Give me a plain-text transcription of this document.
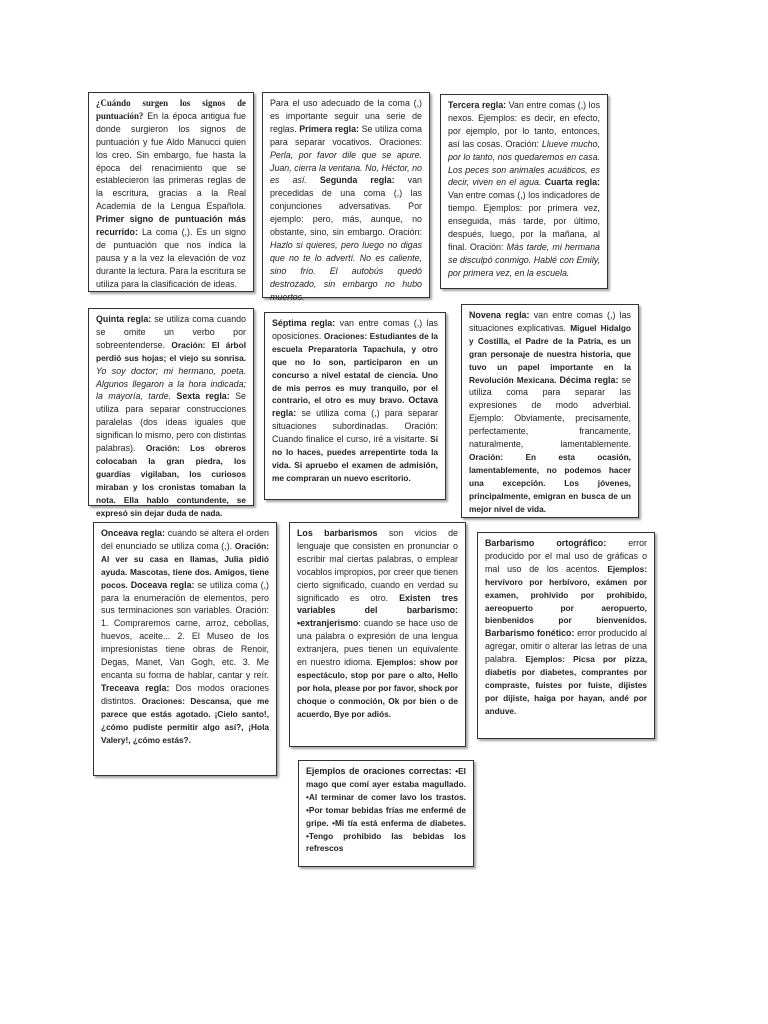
¿Cuándo surgen los signos de puntuación? En la época antigua fue donde surgieron los signos de puntuación y fue Aldo Manucci quien los creo. Sin embargo, fue hasta la época del renacimiento que se establecieron las primeras reglas de la escritura, gracias a la Real Academia de la Lengua Española. Primer signo de puntuación más recurrido: La coma (,). Es un signo de puntuación que nos indica la pausa y a la vez la elevación de voz durante la lectura. Para la escritura se utiliza para la clasificación de ideas.
Para el uso adecuado de la coma (,) es importante seguir una serie de reglas. Primera regla: Se utiliza coma para separar vocativos. Oraciones: Perla, por favor dile que se apure. Juan, cierra la ventana. No, Héctor, no es así. Segunda regla: van precedidas de una coma (,) las conjunciones adversativas. Por ejemplo: pero, más, aunque, no obstante, sino, sin embargo. Oración: Hazlo si quieres, pero luego no digas que no te lo advertí. No es caliente, sino frío. El autobús quedó destrozado, sin embargo no hubo muertos.
Tercera regla: Van entre comas (,) los nexos. Ejemplos: es decir, en efecto, por ejemplo, por lo tanto, entonces, así las cosas. Oración: Llueve mucho, por lo tanto, nos quedaremos en casa. Los peces son animales acuáticos, es decir, viven en el agua. Cuarta regla: Van entre comas (,) los indicadores de tiempo. Ejemplos: por primera vez, enseguida, más tarde, por último, después, luego, por la mañana, al final. Oración: Más tarde, mi hermana se disculpó conmigo. Hablé con Emily, por primera vez, en la escuela.
Quinta regla: se utiliza coma cuando se omite un verbo por sobreentenderse. Oración: El árbol perdió sus hojas; el viejo su sonrisa. Yo soy doctor; mi hermano, poeta. Algunos llegaron a la hora indicada; la mayoría, tarde. Sexta regla: Se utiliza para separar construcciones paralelas (dos ideas iguales que significan lo mismo, pero con distintas palabras). Oración: Los obreros colocaban la gran piedra, los guardias vigilaban, los curiosos miraban y los cronistas tomaban la nota. Ella hablo contundente, se expresó sin dejar duda de nada.
Séptima regla: van entre comas (,) las oposiciones. Oraciones: Estudiantes de la escuela Preparatoria Tapachula, y otro que no lo son, participaron en un concurso a nivel estatal de ciencia. Uno de mis perros es muy tranquilo, por el contrario, el otro es muy bravo. Octava regla: se utiliza coma (,) para separar situaciones subordinadas. Oración: Cuando finalice el curso, iré a visitarte. Si no lo haces, puedes arrepentirte toda la vida. Si apruebo el examen de admisión, me compraran un nuevo escritorio.
Novena regla: van entre comas (,) las situaciones explicativas. Miguel Hidalgo y Costilla, el Padre de la Patria, es un gran personaje de nuestra historia, que tuvo un papel importante en la Revolución Mexicana. Décima regla: se utiliza coma para separar las expresiones de modo adverbial. Ejemplo: Obviamente, precisamente, perfectamente, francamente, naturalmente, lamentablemente. Oración: En esta ocasión, lamentablemente, no podemos hacer una excepción. Los jóvenes, principalmente, emigran en busca de un mejor nivel de vida.
Onceava regla: cuando se altera el orden del enunciado se utiliza coma (,). Oración: Al ver su casa en llamas, Julia pidió ayuda. Mascotas, tiene dos. Amigos, tiene pocos. Doceava regla: se utiliza coma (,) para la enumeración de elementos, pero sus terminaciones son variables. Oración: 1. Compraremos carne, arroz, cebollas, huevos, aceite... 2. El Museo de los impresionistas tiene obras de Renoir, Degas, Manet, Van Gogh, etc. 3. Me encanta su forma de hablar, cantar y reír. Treceava regla: Dos modos oraciones distintos. Oraciones: Descansa, que me parece que estás agotado. ¡Cielo santo!, ¿cómo pudiste permitir algo así?, ¡Hola Valery!, ¿cómo estás?.
Los barbarismos son vicios de lenguaje que consisten en pronunciar o escribir mal ciertas palabras, o emplear vocablos impropios, por creer que tienen cierto significado, cuando en verdad su significado es otro. Existen tres variables del barbarismo: •extranjerismo: cuando se hace uso de una palabra o expresión de una lengua extranjera, pues tienen un equivalente en nuestro idioma. Ejemplos: show por espectáculo, stop por pare o alto, Hello por hola, please por por favor, shock por choque o conmoción, Ok por bien o de acuerdo, Bye por adiós.
Barbarismo ortográfico: error producido por el mal uso de gráficas o mal uso de los acentos. Ejemplos: hervívoro por herbívoro, exámen por examen, prohivido por prohibido, aereopuerto por aeropuerto, bienbenidos por bienvenidos. Barbarismo fonético: error producido al agregar, omitir o alterar las letras de una palabra. Ejemplos: Picsa por pizza, diabetis por diabetes, comprantes por compraste, fuistes por fuiste, dijistes por dijiste, haiga por hayan, andé por anduve.
Ejemplos de oraciones correctas: •El mago que comí ayer estaba magullado. •Al terminar de comer lavo los trastos. •Por tomar bebidas frías me enfermé de gripe. •Mi tía está enferma de diabetes. •Tengo prohibido las bebidas los refrescos
